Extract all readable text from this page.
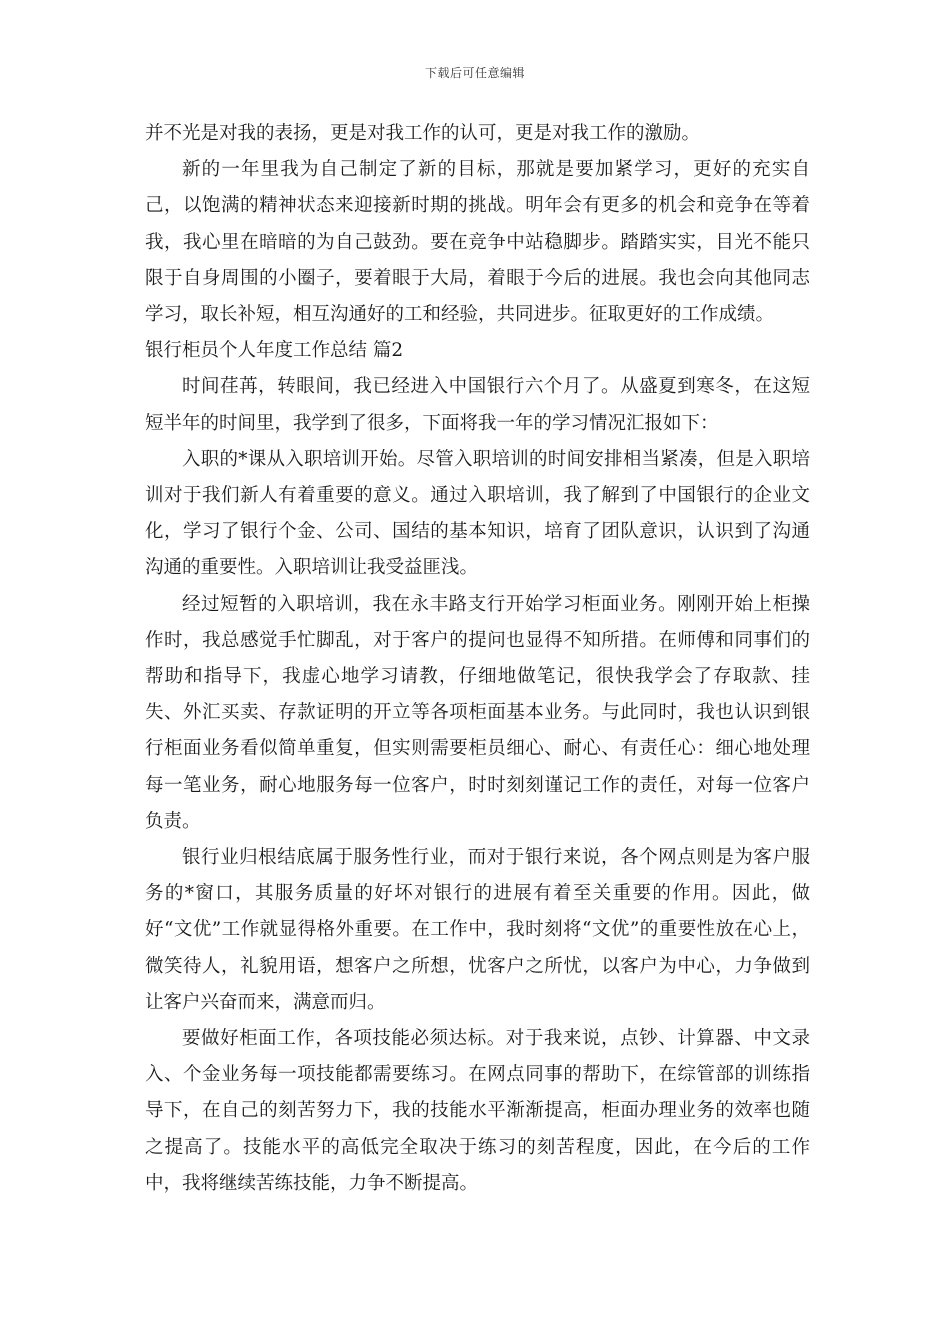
下载后可任意编辑

并不光是对我的表扬，更是对我工作的认可，更是对我工作的激励。

新的一年里我为自己制定了新的目标，那就是要加紧学习，更好的充实自己，以饱满的精神状态来迎接新时期的挑战。明年会有更多的机会和竞争在等着我，我心里在暗暗的为自己鼓劲。要在竞争中站稳脚步。踏踏实实，目光不能只限于自身周围的小圈子，要着眼于大局，着眼于今后的进展。我也会向其他同志学习，取长补短，相互沟通好的工和经验，共同进步。征取更好的工作成绩。

银行柜员个人年度工作总结 篇2

时间荏苒，转眼间，我已经进入中国银行六个月了。从盛夏到寒冬，在这短短半年的时间里，我学到了很多，下面将我一年的学习情况汇报如下：

入职的*课从入职培训开始。尽管入职培训的时间安排相当紧凑，但是入职培训对于我们新人有着重要的意义。通过入职培训，我了解到了中国银行的企业文化，学习了银行个金、公司、国结的基本知识，培育了团队意识，认识到了沟通沟通的重要性。入职培训让我受益匪浅。

经过短暂的入职培训，我在永丰路支行开始学习柜面业务。刚刚开始上柜操作时，我总感觉手忙脚乱，对于客户的提问也显得不知所措。在师傅和同事们的帮助和指导下，我虚心地学习请教，仔细地做笔记，很快我学会了存取款、挂失、外汇买卖、存款证明的开立等各项柜面基本业务。与此同时，我也认识到银行柜面业务看似简单重复，但实则需要柜员细心、耐心、有责任心：细心地处理每一笔业务，耐心地服务每一位客户，时时刻刻谨记工作的责任，对每一位客户负责。

银行业归根结底属于服务性行业，而对于银行来说，各个网点则是为客户服务的*窗口，其服务质量的好坏对银行的进展有着至关重要的作用。因此，做好“文优”工作就显得格外重要。在工作中，我时刻将“文优”的重要性放在心上，微笑待人，礼貌用语，想客户之所想，忧客户之所忧，以客户为中心，力争做到让客户兴奋而来，满意而归。

要做好柜面工作，各项技能必须达标。对于我来说，点钞、计算器、中文录入、个金业务每一项技能都需要练习。在网点同事的帮助下，在综管部的训练指导下，在自己的刻苦努力下，我的技能水平渐渐提高，柜面办理业务的效率也随之提高了。技能水平的高低完全取决于练习的刻苦程度，因此，在今后的工作中，我将继续苦练技能，力争不断提高。
